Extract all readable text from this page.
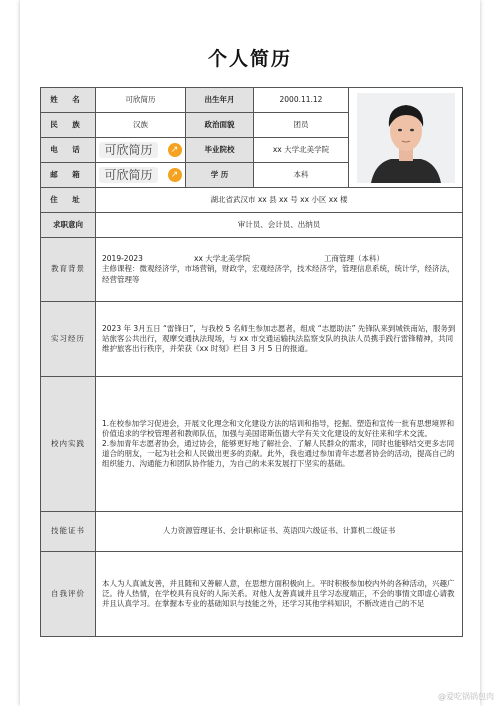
个人简历
姓 名	可欣简历	出生年月	2000.11.12	

民 族	汉族	政治面貌	团员	
电 话	可欣简历 ↗	毕业院校	xx 大学北美学院	
邮 箱	可欣简历 ↗	学 历	本科	
住 址	湖北省武汉市 xx 县 xx 号 xx 小区 xx 楼			
求职意向	审计员、会计员、出纳员			
教育背景	2019-2023 xx 大学北美学院 工商管理（本科）

主修课程：微观经济学，市场营销，财政学，宏观经济学，技术经济学，管理信息系统，统计学，经济法，经营管理等			

实习经历	2023 年 3月五日 “雷锋日”，与我校 5 名师生参加志愿者，组成 “志愿助法” 先锋队来到城铁南站，服务到站旅客公共出行，观摩交通执法现场，与 xx 市交通运输执法监察支队的执法人员携手践行雷锋精神，共同维护旅客出行秩序，并荣获《xx 时刻》栏目 3 月 5 日的报道。			
校内实践	1.在校参加学习促进会，开展文化理念和文化建设方法的培训和指导，挖掘、塑造和宣传一批有思想境界和价值追求的学校管理者和教师队伍，加强与美国诺斯伍德大学有关文化建设的友好往来和学术交流。

2.参加青年志愿者协会，通过协会，能够更好地了解社会、了解人民群众的需求，同时也能够结交更多志同道合的朋友，一起为社会和人民做出更多的贡献。此外，我也通过参加青年志愿者协会的活动，提高自己的组织能力、沟通能力和团队协作能力，为自己的未来发展打下坚实的基础。			

技能证书	人力资源管理证书、会计职称证书、英语四六级证书、计算机二级证书			
自我评价	本人为人真诚友善，并且随和又善解人意，在思想方面积极向上。平时积极参加校内外的各种活动，兴趣广泛。待人热情，在学校具有良好的人际关系。对他人友善真诚并且学习态度端正，不会的事情文即虚心请教并且认真学习。在掌握本专业的基础知识与技能之外，还学习其他学科知识，不断改进自己的不足			
@爱吃锅锅包肉
